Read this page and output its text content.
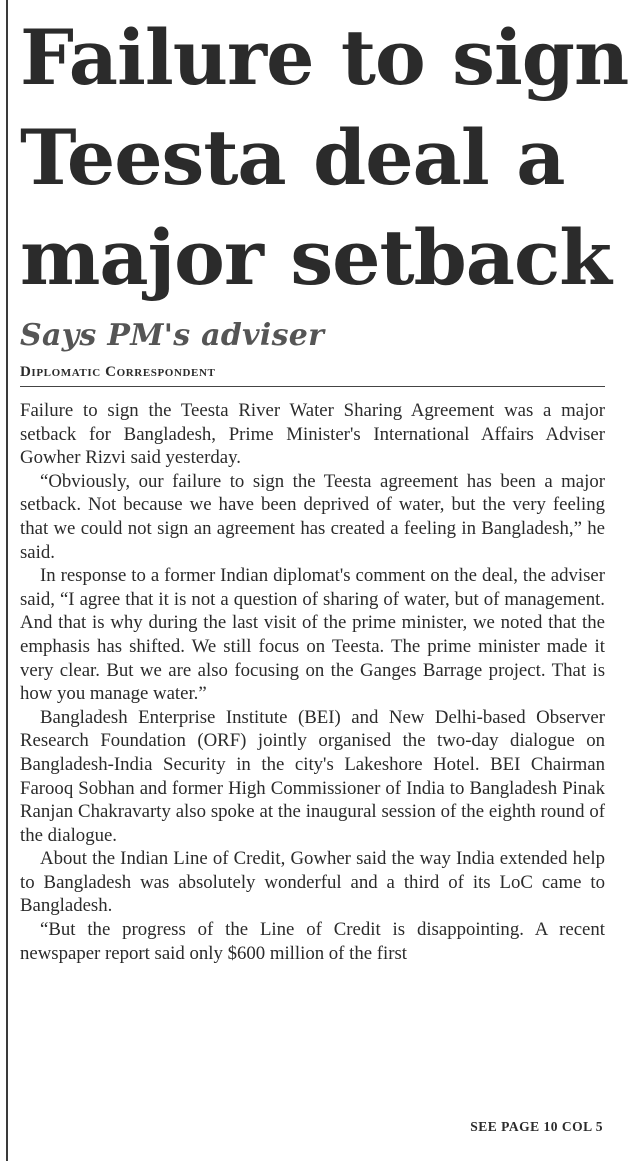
Failure to sign
Teesta deal a
major setback
Says PM's adviser
Diplomatic Correspondent

Failure to sign the Teesta River Water Sharing Agreement was a major setback for Bangladesh, Prime Minister's International Affairs Adviser Gowher Rizvi said yesterday.

“Obviously, our failure to sign the Teesta agreement has been a major setback. Not because we have been deprived of water, but the very feeling that we could not sign an agreement has created a feeling in Bangladesh,” he said.

In response to a former Indian diplomat's comment on the deal, the adviser said, “I agree that it is not a question of sharing of water, but of management. And that is why during the last visit of the prime minister, we noted that the emphasis has shifted. We still focus on Teesta. The prime minister made it very clear. But we are also focusing on the Ganges Barrage project. That is how you manage water.”

Bangladesh Enterprise Institute (BEI) and New Delhi-based Observer Research Foundation (ORF) jointly organised the two-day dialogue on Bangladesh-India Security in the city's Lakeshore Hotel. BEI Chairman Farooq Sobhan and former High Commissioner of India to Bangladesh Pinak Ranjan Chakravarty also spoke at the inaugural session of the eighth round of the dialogue.

About the Indian Line of Credit, Gowher said the way India extended help to Bangladesh was absolutely wonderful and a third of its LoC came to Bangladesh.

“But the progress of the Line of Credit is disappointing. A recent newspaper report said only $600 million of the first

SEE PAGE 10 COL 5
